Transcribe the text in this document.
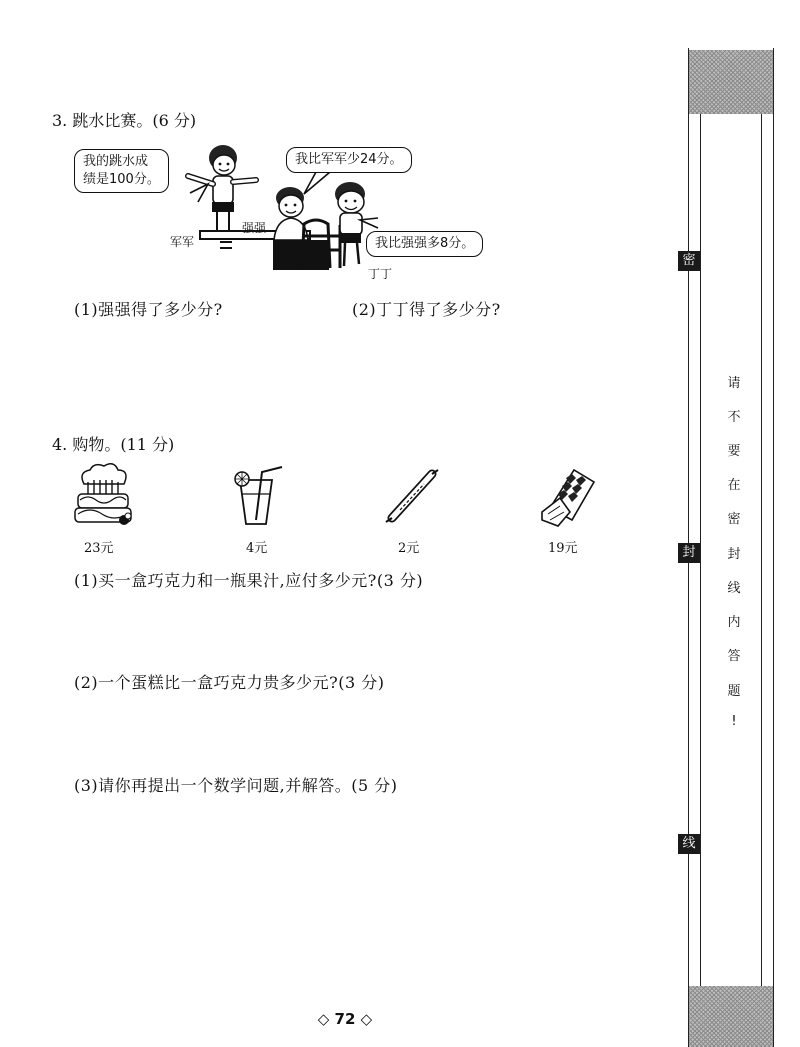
3. 跳水比赛。(6 分)
我的跳水成
绩是100分。
我比军军少24分。
我比强强多8分。
军军
强强
丁丁
(1)强强得了多少分?	(2)丁丁得了多少分?
4. 购物。(11 分)
23元	4元	2元	19元
(1)买一盒巧克力和一瓶果汁,应付多少元?(3 分)
(2)一个蛋糕比一盒巧克力贵多少元?(3 分)
(3)请你再提出一个数学问题,并解答。(5 分)
密
封
线
请
不
要
在
密
封
线
内
答
题
!
◇ 72 ◇
